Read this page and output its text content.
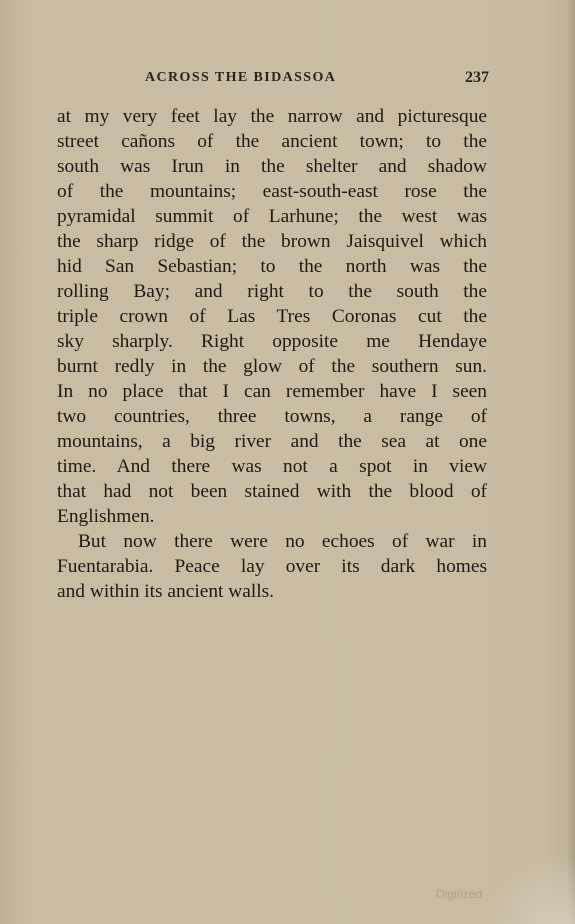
ACROSS THE BIDASSOA	237
at my very feet lay the narrow and picturesque
street cañons of the ancient town; to the
south was Irun in the shelter and shadow
of the mountains; east-south-east rose the
pyramidal summit of Larhune; the west was
the sharp ridge of the brown Jaisquivel which
hid San Sebastian; to the north was the
rolling Bay; and right to the south the
triple crown of Las Tres Coronas cut the
sky sharply. Right opposite me Hendaye
burnt redly in the glow of the southern sun.
In no place that I can remember have I seen
two countries, three towns, a range of
mountains, a big river and the sea at one
time. And there was not a spot in view
that had not been stained with the blood of
Englishmen.
But now there were no echoes of war in
Fuentarabia. Peace lay over its dark homes
and within its ancient walls.
Digitized
